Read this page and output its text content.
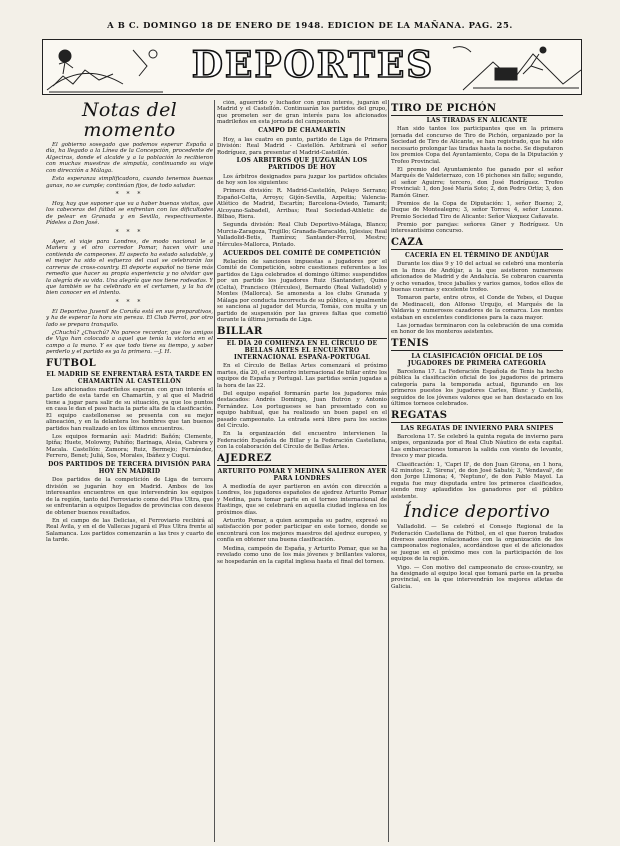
A B C. DOMINGO 18 DE ENERO DE 1948. EDICION DE LA MAÑANA. PAG. 25.
DEPORTES
Notas del momento
El gobierno sosegado que podemos esperar España a día, ha llegado a la Línea de la Concepción, procedente de Algeciras, donde el alcalde y a la población lo recibieron con muchas muestras de simpatía, continuando su viaje con dirección a Málaga.
Esta esperanza simplificadora, cuando tenemos buenas ganas, no se cumple; continúan fijos, de todo saludar.
* * *
Hoy, hay que suponer que va a haber buenas visitas, que los cabeceras del fútbol se enfrentan con las dificultades de pelear en Granada y en Sevilla, respectivamente. Pídeles a Don José.
* * *
Ayer, el viaje para Londres, de modo nacional le a Mañera y el otro corredor Pomar, hacen vivir una contienda de campeones. El aspecto ha estado saludable, y el mejor ha sido el esfuerzo del cual se celebrarán las carreras de cross-country. El deporte español no tiene más remedio que hacer su propia experiencia y no olvidar que la alegría de su vida. Una alegría que nos tiene rodeadas. Y que también se ha celebrado en el certamen, y la ha de bien conocer en el intento.
* * *
El Deportivo Juvenil de Coruña está en sus preparativos, y ha de esperar la hora sin pereza. El Club Ferrol, por otro lado se prepara tranquilo.
¿Chuchú? ¿Chuchú? No parece recordar, que los amigos de Vigo han colocado a aquel que tenía la victoria en el campo a la mano. Y es que todo tiene su tiempo, y saber perderlo y el partido es ya la primera. —J. H.
FUTBOL
EL MADRID SE ENFRENTARÁ ESTA TARDE EN CHAMARTÍN AL CASTELLÓN
Los aficionados madrileños esperan con gran interés el partido de esta tarde en Chamartín, y al que el Madrid tiene a jugar para salir de su situación, ya que los puntos en casa le dan el paso hacia la parte alta de la clasificación. El equipo castellonense se presenta con su mejor alineación, y en la delantera los hombres que tan buenos partidos han realizado en los últimos encuentros.
Los equipos formarán así: Madrid: Bañón; Clemente, Ipiña; Huete, Molowny, Pahíño; Barinaga, Alsúa, Cabrera y Macala. Castellón: Zamora; Ruiz, Bermejo; Fernández, Ferrero, Benet; Juliá, Sos, Morales, Ibáñez y Cuqui.
DOS PARTIDOS DE TERCERA DIVISIÓN PARA HOY EN MADRID
Dos partidos de la competición de Liga de tercera división se jugarán hoy en Madrid. Ambos de los interesantes encuentros en que intervendrán los equipos de la región, tanto del Ferroviario como del Plus Ultra, que se enfrentarán a equipos llegados de provincias con deseos de obtener buenos resultados.
En el campo de las Delicias, el Ferroviario recibirá al Real Ávila, y en el de Vallecas jugará el Plus Ultra frente al Salamanca. Los partidos comenzarán a las tres y cuarto de la tarde.
ción, aguerrido y luchador con gran interés, jugarán el Madrid y el Castellón. Continuarán los partidos del grupo, que prometen ser de gran interés para los aficionados madrileños en esta jornada del campeonato.
CAMPO DE CHAMARTÍN
Hoy, a las cuatro en punto, partido de Liga de Primera División: Real Madrid - Castellón. Arbitrará el señor Rodríguez, para presentar el Madrid-Castellón.
LOS ARBITROS QUE JUZGARÁN LOS PARTIDOS DE HOY
Los árbitros designados para juzgar los partidos oficiales de hoy son los siguientes:
Primera división: R. Madrid-Castellón, Pelayo Serrano; Español-Celta, Arroyo; Gijón-Sevilla, Azpeitia; Valencia-Atlético de Madrid, Escartín; Barcelona-Oviedo, Tamarit; Alcoyano-Sabadell, Arribas; Real Sociedad-Athletic de Bilbao, Riera.
Segunda división: Real Club Deportivo-Málaga, Blanco; Murcia-Zaragoza, Trujillo; Granada-Baracaldo, Iglesias; Real Valladolid-Betis, Ramírez; Santander-Ferrol, Mestre; Hércules-Mallorca, Pintado.
ACUERDOS DEL COMITÉ DE COMPETICIÓN
Relación de sanciones impuestas a jugadores por el Comité de Competición, sobre cuestiones referentes a los partidos de Liga celebrados el domingo último: suspendidos por un partido los jugadores Ruiz (Santander), Quino (Celta), Francisco (Hércules), Bernardo (Real Valladolid) y Montes (Mallorca). Se amonesta a los clubs Granada y Málaga por conducta incorrecta de su público, e igualmente se sanciona al jugador del Murcia, Tomás, con multa y un partido de suspensión por las graves faltas que cometió durante la última jornada de Liga.
BILLAR
EL DÍA 20 COMIENZA EN EL CÍRCULO DE BELLAS ARTES EL ENCUENTRO INTERNACIONAL ESPAÑA-PORTUGAL
En el Círculo de Bellas Artes comenzará el próximo martes, día 20, el encuentro internacional de billar entre los equipos de España y Portugal. Las partidas serán jugadas a la hora de las 22.
Del equipo español formarán parte los jugadores más destacados: Andrés Domingo, Juan Butrón y Antonio Fernández. Los portugueses se han presentado con su equipo habitual, que ha realizado un buen papel en el pasado campeonato. La entrada será libre para los socios del Círculo.
En la organización del encuentro intervienen la Federación Española de Billar y la Federación Castellana, con la colaboración del Círculo de Bellas Artes.
AJEDREZ
ARTURITO POMAR Y MEDINA SALIERON AYER PARA LONDRES
A mediodía de ayer partieron en avión con dirección a Londres, los jugadores españoles de ajedrez Arturito Pomar y Medina, para tomar parte en el torneo internacional de Hastings, que se celebrará en aquella ciudad inglesa en los próximos días.
Arturito Pomar, a quien acompaña su padre, expresó su satisfacción por poder participar en este torneo, donde se encontrará con los mejores maestros del ajedrez europeo, y confía en obtener una buena clasificación.
Medina, campeón de España, y Arturito Pomar, que se ha revelado como uno de los más jóvenes y brillantes valores, se hospedarán en la capital inglesa hasta el final del torneo.
TIRO DE PICHÓN
LAS TIRADAS EN ALICANTE
Han sido tantos los participantes que en la primera jornada del concurso de Tiro de Pichón, organizado por la Sociedad de Tiro de Alicante, se han registrado, que ha sido necesario prolongar las tiradas hasta la noche. Se disputaron los premios Copa del Ayuntamiento, Copa de la Diputación y Trofeo Provincial.
El premio del Ayuntamiento fue ganado por el señor Marqués de Valdeterrazo, con 16 pichones sin fallo; segundo, el señor Aguirre; tercero, don José Rodríguez. Trofeo Provincial: 1, don José María Soto; 2, don Pedro Ortiz; 3, don Ramón Giner.
Premios de la Copa de Diputación: 1, señor Bueno; 2, Duque de Montealegre; 3, señor Torres; 4, señor Lozano. Premio Sociedad Tiro de Alicante: Señor Vázquez Cañavate.
Premio por parejas: señores Giner y Rodríguez. Un interesantísimo concurso.
CAZA
CACERÍA EN EL TÉRMINO DE ANDÚJAR
Durante los días 9 y 10 del actual se celebró una montería en la finca de Andújar, a la que asistieron numerosos aficionados de Madrid y de Andalucía. Se cobraron cuarenta y ocho venados, trece jabalíes y varios gamos, todos ellos de buenas cuernas y excelente trofeo.
Tomaron parte, entre otros, el Conde de Yebes, el Duque de Medinaceli, don Alfonso Urquijo, el Marqués de la Valdavia y numerosos cazadores de la comarca. Los montes estaban en excelentes condiciones para la caza mayor.
Las jornadas terminaron con la celebración de una comida en honor de los monteros asistentes.
TENIS
LA CLASIFICACIÓN OFICIAL DE LOS JUGADORES DE PRIMERA CATEGORÍA
Barcelona 17. La Federación Española de Tenis ha hecho pública la clasificación oficial de los jugadores de primera categoría para la temporada actual, figurando en los primeros puestos los jugadores Carles, Blanc y Castellá, seguidos de los jóvenes valores que se han destacado en los últimos torneos celebrados.
REGATAS
LAS REGATAS DE INVIERNO PARA SNIPES
Barcelona 17. Se celebró la quinta regata de invierno para snipes, organizada por el Real Club Náutico de esta capital. Las embarcaciones tomaron la salida con viento de levante, fresco y mar picada.
Clasificación: 1, 'Capri II', de don Juan Girona, en 1 hora, 42 minutos; 2, 'Sirena', de don José Sabaté; 3, 'Vendaval', de don Jorge Llimona; 4, 'Neptuno', de don Pablo Mayol. La regata fue muy disputada entre los primeros clasificados, siendo muy aplaudidos los ganadores por el público asistente.
Índice deportivo
Valladolid. — Se celebró el Consejo Regional de la Federación Castellana de Fútbol, en el que fueron tratados diversos asuntos relacionados con la organización de los campeonatos regionales, acordándose que el de aficionados se juegue en el próximo mes con la participación de los equipos de la región.
Vigo. — Con motivo del campeonato de cross-country, se ha designado al equipo local que tomará parte en la prueba provincial, en la que intervendrán los mejores atletas de Galicia.
